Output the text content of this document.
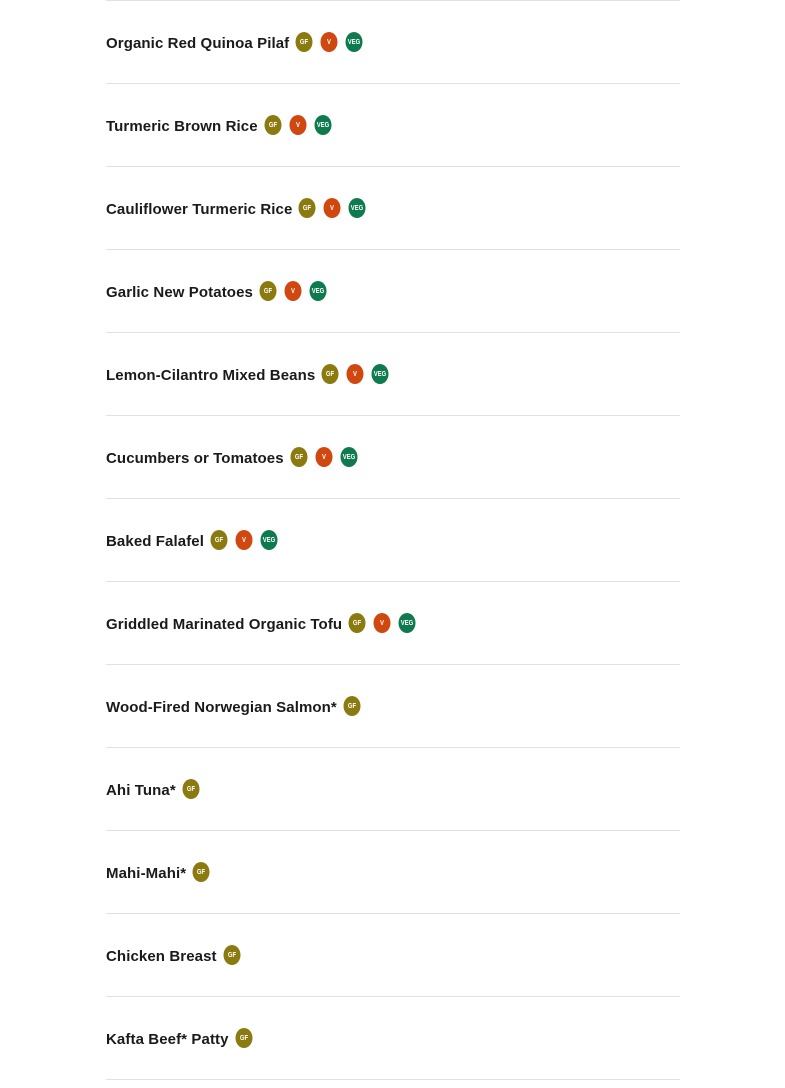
Organic Red Quinoa Pilaf	GF	V	VEG
Turmeric Brown Rice	GF	V	VEG
Cauliflower Turmeric Rice	GF	V	VEG
Garlic New Potatoes	GF	V	VEG
Lemon-Cilantro Mixed Beans	GF	V	VEG
Cucumbers or Tomatoes	GF	V	VEG
Baked Falafel	GF	V	VEG
Griddled Marinated Organic Tofu	GF	V	VEG
Wood-Fired Norwegian Salmon*	GF
Ahi Tuna*	GF
Mahi-Mahi*	GF
Chicken Breast	GF
Kafta Beef* Patty	GF
